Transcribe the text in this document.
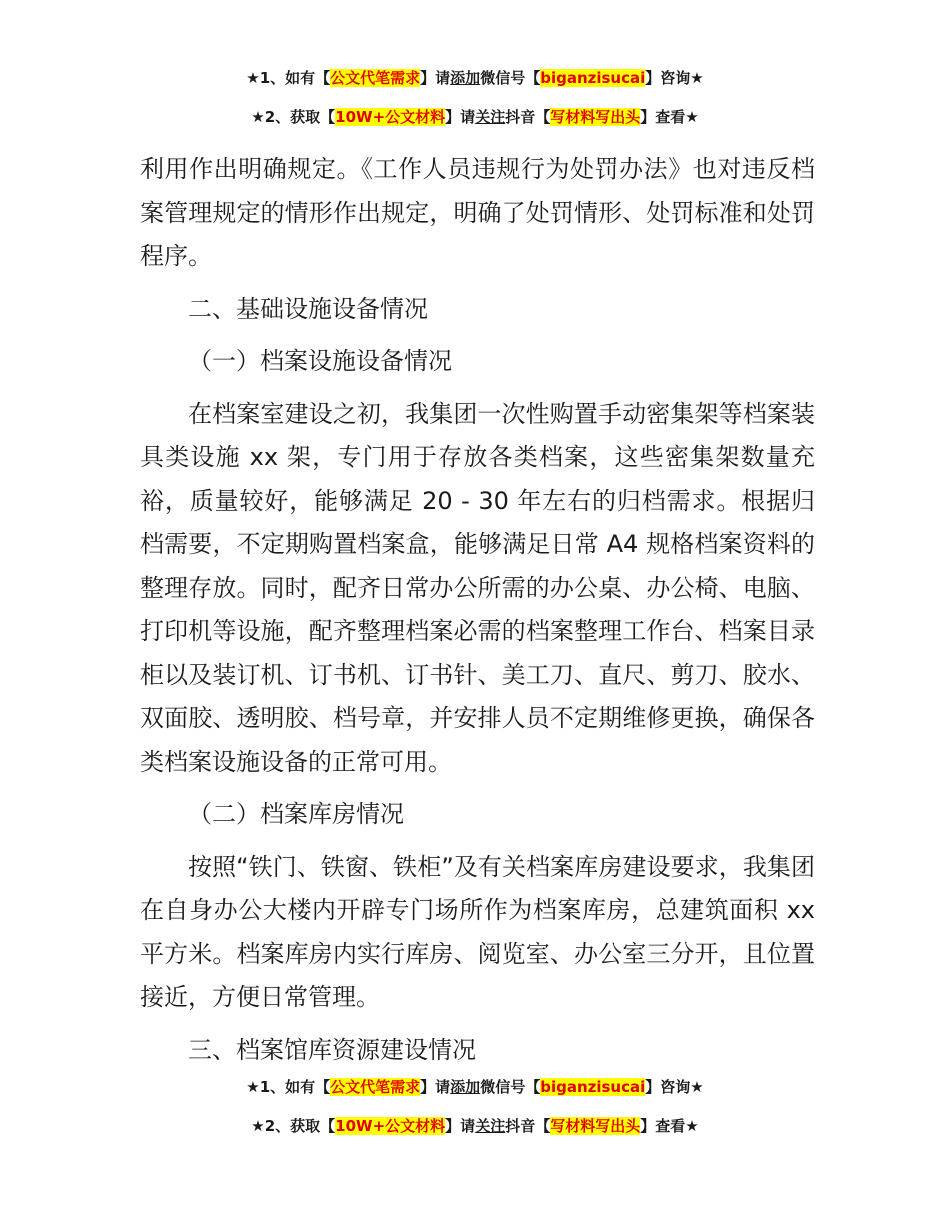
★1、如有【公文代笔需求】请添加微信号【biganzisucai】咨询★
★2、获取【10W+公文材料】请关注抖音【写材料写出头】查看★

利用作出明确规定。《工作人员违规行为处罚办法》也对违反档案管理规定的情形作出规定，明确了处罚情形、处罚标准和处罚程序。

二、基础设施设备情况

（一）档案设施设备情况

在档案室建设之初，我集团一次性购置手动密集架等档案装具类设施 xx 架，专门用于存放各类档案，这些密集架数量充裕，质量较好，能够满足 20 - 30 年左右的归档需求。根据归档需要，不定期购置档案盒，能够满足日常 A4 规格档案资料的整理存放。同时，配齐日常办公所需的办公桌、办公椅、电脑、打印机等设施，配齐整理档案必需的档案整理工作台、档案目录柜以及装订机、订书机、订书针、美工刀、直尺、剪刀、胶水、双面胶、透明胶、档号章，并安排人员不定期维修更换，确保各类档案设施设备的正常可用。

（二）档案库房情况

按照“铁门、铁窗、铁柜”及有关档案库房建设要求，我集团在自身办公大楼内开辟专门场所作为档案库房，总建筑面积 xx 平方米。档案库房内实行库房、阅览室、办公室三分开，且位置接近，方便日常管理。

三、档案馆库资源建设情况

★1、如有【公文代笔需求】请添加微信号【biganzisucai】咨询★
★2、获取【10W+公文材料】请关注抖音【写材料写出头】查看★
